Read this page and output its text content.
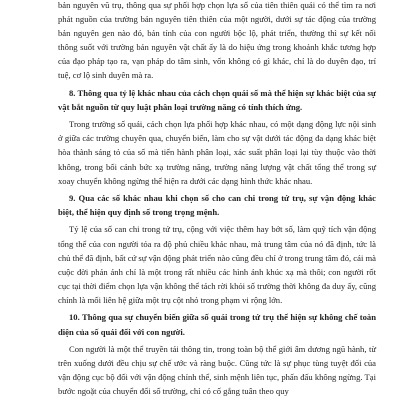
bản nguyên vũ trụ, thông qua sự phối hợp chọn lựa số của tiên thiên quái có thể tìm ra nơi phát nguồn của trường bản nguyên tiên thiên của một người, dưới sự tác động của trường bản nguyên gen nào đó, bản tính của con người bộc lộ, phát triển, thường thì sự kết nối thông suốt với trường bản nguyên vật chất ấy là do hiệu ứng trong khoảnh khắc tương hợp của đạo pháp tạo ra, vạn pháp do tâm sinh, vốn không có gì khác, chỉ là do duyên đạo, trí tuệ, cơ lộ sinh duyên mà ra.

8. Thông qua tỷ lệ khác nhau của cách chọn quái số mà thể hiện sự khác biệt của sự vật bắt nguồn từ quy luật phân loại trường năng có tính thích ứng.

Trong trường số quái, cách chọn lựa phối hợp khác nhau, có một dạng động lực nội sinh ở giữa các trường chuyên qua, chuyển biến, làm cho sự vật dưới tác động đa dạng khác biệt hòa thành sáng tỏ của số mà tiến hành phân loại, xác suất phân loại lại tùy thuộc vào thời không, trong bối cảnh bức xạ trường năng, trường năng lượng vật chất tổng thể trong sự xoay chuyển không ngừng thể hiện ra dưới các dạng hình thức khác nhau.

9. Qua các số khác nhau khi chọn số cho can chi trong tứ trụ, sự vận động khác biệt, thể hiện quy định số trong trọng mệnh.

Tỷ lệ của số can chi trong tứ trụ, cộng với việc thêm hay bớt số, làm quỹ tích vận động tổng thể của con người tỏa ra độ phủ chiều khác nhau, mà trung tâm của nó đã định, tức là chủ thể đã định, bất cứ sự vận động phát triển nào cũng đều chỉ ở trong trung tâm đó, cái mà cuộc đời phản ánh chỉ là một trong rất nhiều các hình ảnh khúc xạ mà thôi; con người rốt cục tại thời điểm chọn lựa vận không thể tách rời khỏi số trường thời không đa duy ấy, cũng chính là mối liên hệ giữa một trụ cột nhỏ trong phạm vi rộng lớn.

10. Thông qua sự chuyển biến giữa số quái trong tứ trụ thể hiện sự không chế toàn diện của số quái đối với con người.

Con người là một thể truyền tải thông tin, trong toàn bộ thể giới âm dương ngũ hành, từ trên xuống dưới đều chịu sự chế ước và ràng buộc. Cũng tức là sự phục tùng tuyệt đối của vận động cục bộ đối với vận động chỉnh thể, sinh mệnh liên tục, phấn đấu không ngừng. Tại bước ngoặt của chuyển đổi số trường, chỉ có cố gắng tuân theo quy
